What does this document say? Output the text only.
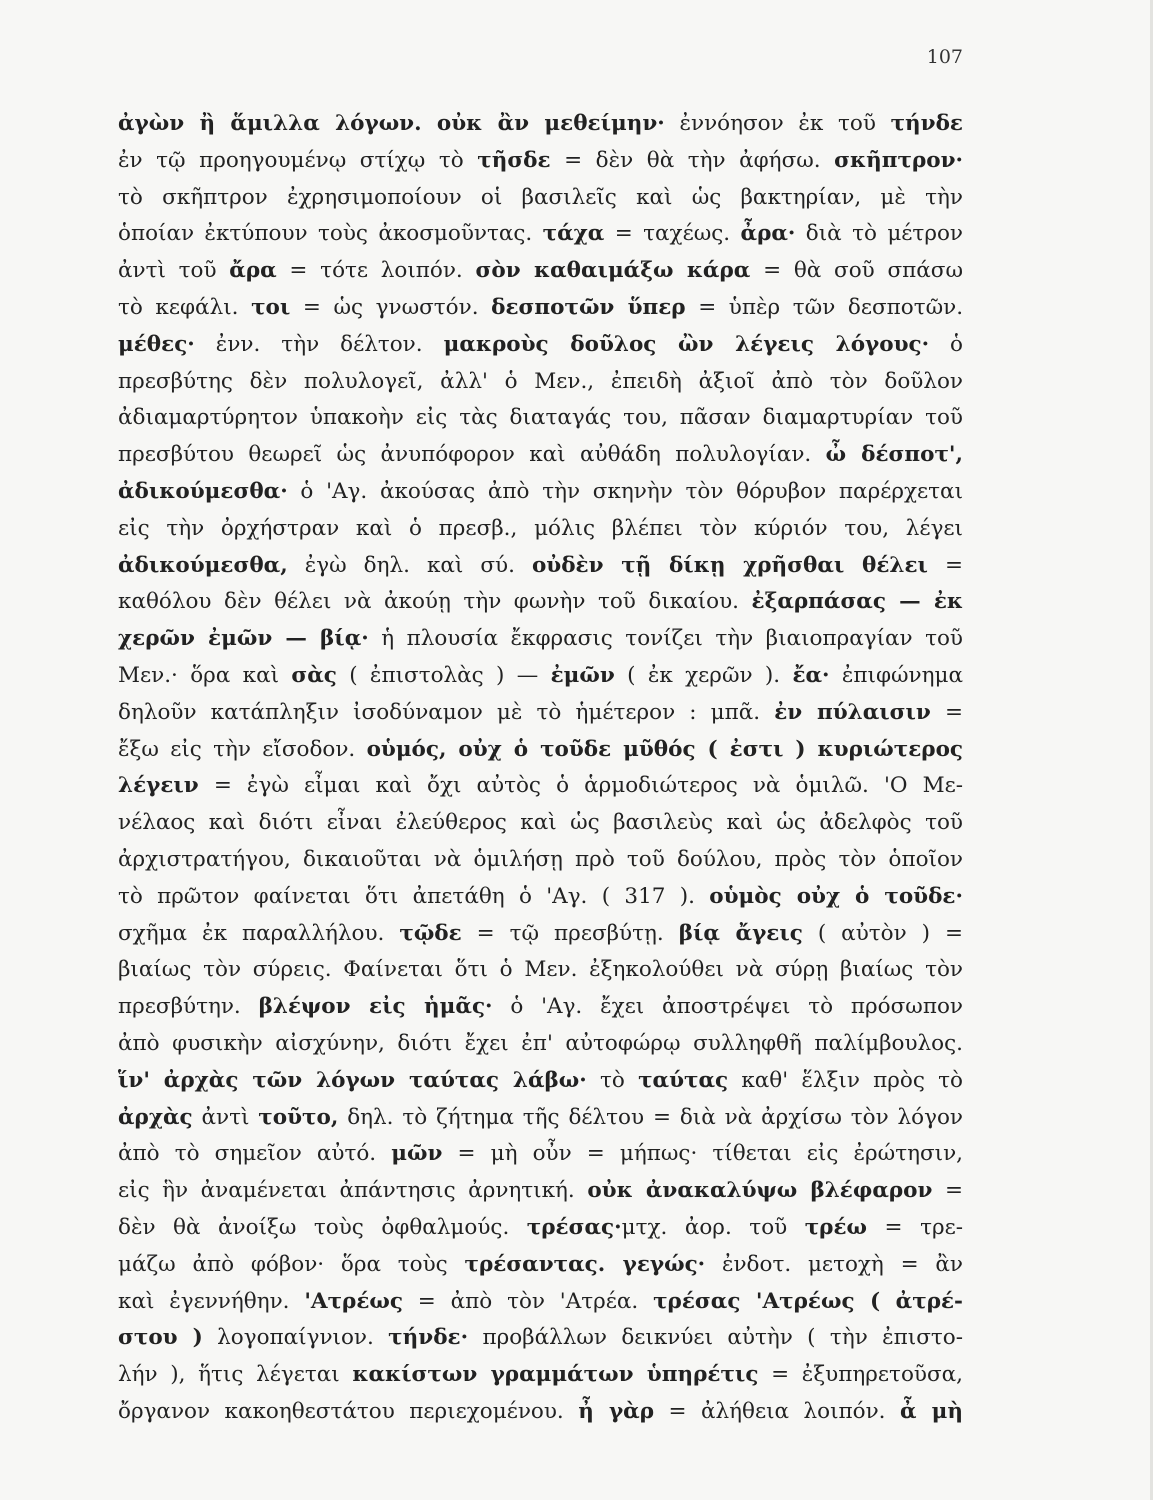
107
ἀγὼν ἢ ἅμιλλα λόγων. οὐκ ἂν μεθείμην· ἐννόησον ἐκ τοῦ τήνδε
ἐν τῷ προηγουμένῳ στίχῳ τὸ τῆσδε = δὲν θὰ τὴν ἀφήσω. σκῆπτρον·
τὸ σκῆπτρον ἐχρησιμοποίουν οἱ βασιλεῖς καὶ ὡς βακτηρίαν, μὲ τὴν
ὁποίαν ἐκτύπουν τοὺς ἀκοσμοῦντας. τάχα = ταχέως. ἆρα· διὰ τὸ μέτρον
ἀντὶ τοῦ ἄρα = τότε λοιπόν. σὸν καθαιμάξω κάρα = θὰ σοῦ σπάσω
τὸ κεφάλι. τοι = ὡς γνωστόν. δεσποτῶν ὕπερ = ὑπὲρ τῶν δεσποτῶν.
μέθες· ἐνν. τὴν δέλτον. μακροὺς δοῦλος ὢν λέγεις λόγους· ὁ
πρεσβύτης δὲν πολυλογεῖ, ἀλλ' ὁ Μεν., ἐπειδὴ ἀξιοῖ ἀπὸ τὸν δοῦλον
ἀδιαμαρτύρητον ὑπακοὴν εἰς τὰς διαταγάς του, πᾶσαν διαμαρτυρίαν τοῦ
πρεσβύτου θεωρεῖ ὡς ἀνυπόφορον καὶ αὐθάδη πολυλογίαν. ὦ δέσποτ',
ἀδικούμεσθα· ὁ 'Αγ. ἀκούσας ἀπὸ τὴν σκηνὴν τὸν θόρυβον παρέρχεται
εἰς τὴν ὀρχήστραν καὶ ὁ πρεσβ., μόλις βλέπει τὸν κύριόν του, λέγει
ἀδικούμεσθα, ἐγὼ δηλ. καὶ σύ. οὐδὲν τῇ δίκῃ χρῆσθαι θέλει =
καθόλου δὲν θέλει νὰ ἀκούῃ τὴν φωνὴν τοῦ δικαίου. ἐξαρπάσας — ἐκ
χερῶν ἐμῶν — βίᾳ· ἡ πλουσία ἔκφρασις τονίζει τὴν βιαιοπραγίαν τοῦ
Μεν.· ὅρα καὶ σὰς ( ἐπιστολὰς ) — ἐμῶν ( ἐκ χερῶν ). ἔα· ἐπιφώνημα
δηλοῦν κατάπληξιν ἰσοδύναμον μὲ τὸ ἡμέτερον : μπᾶ. ἐν πύλαισιν =
ἔξω εἰς τὴν εἴσοδον. οὑμός, οὐχ ὁ τοῦδε μῦθός ( ἐστι ) κυριώτερος
λέγειν = ἐγὼ εἶμαι καὶ ὄχι αὐτὸς ὁ ἁρμοδιώτερος νὰ ὁμιλῶ. 'Ο Με-
νέλαος καὶ διότι εἶναι ἐλεύθερος καὶ ὡς βασιλεὺς καὶ ὡς ἀδελφὸς τοῦ
ἀρχιστρατήγου, δικαιοῦται νὰ ὁμιλήσῃ πρὸ τοῦ δούλου, πρὸς τὸν ὁποῖον
τὸ πρῶτον φαίνεται ὅτι ἀπετάθη ὁ 'Αγ. ( 317 ). οὑμὸς οὐχ ὁ τοῦδε·
σχῆμα ἐκ παραλλήλου. τῷδε = τῷ πρεσβύτῃ. βίᾳ ἄγεις ( αὐτὸν ) =
βιαίως τὸν σύρεις. Φαίνεται ὅτι ὁ Μεν. ἐξηκολούθει νὰ σύρῃ βιαίως τὸν
πρεσβύτην. βλέψον εἰς ἡμᾶς· ὁ 'Αγ. ἔχει ἀποστρέψει τὸ πρόσωπον
ἀπὸ φυσικὴν αἰσχύνην, διότι ἔχει ἐπ' αὐτοφώρῳ συλληφθῆ παλίμβουλος.
ἵν' ἀρχὰς τῶν λόγων ταύτας λάβω· τὸ ταύτας καθ' ἕλξιν πρὸς τὸ
ἀρχὰς ἀντὶ τοῦτο, δηλ. τὸ ζήτημα τῆς δέλτου = διὰ νὰ ἀρχίσω τὸν λόγον
ἀπὸ τὸ σημεῖον αὐτό. μῶν = μὴ οὖν = μήπως· τίθεται εἰς ἐρώτησιν,
εἰς ἣν ἀναμένεται ἀπάντησις ἀρνητική. οὐκ ἀνακαλύψω βλέφαρον =
δὲν θὰ ἀνοίξω τοὺς ὀφθαλμούς. τρέσας·μτχ. ἀορ. τοῦ τρέω = τρε-
μάζω ἀπὸ φόβον· ὅρα τοὺς τρέσαντας. γεγώς· ἐνδοτ. μετοχὴ = ἂν
καὶ ἐγεννήθην. 'Ατρέως = ἀπὸ τὸν 'Ατρέα. τρέσας 'Ατρέως ( ἀτρέ-
στου ) λογοπαίγνιον. τήνδε· προβάλλων δεικνύει αὐτὴν ( τὴν ἐπιστο-
λήν ), ἥτις λέγεται κακίστων γραμμάτων ὑπηρέτις = ἐξυπηρετοῦσα,
ὄργανον κακοηθεστάτου περιεχομένου. ἦ γὰρ = ἀλήθεια λοιπόν. ἆ μὴ
